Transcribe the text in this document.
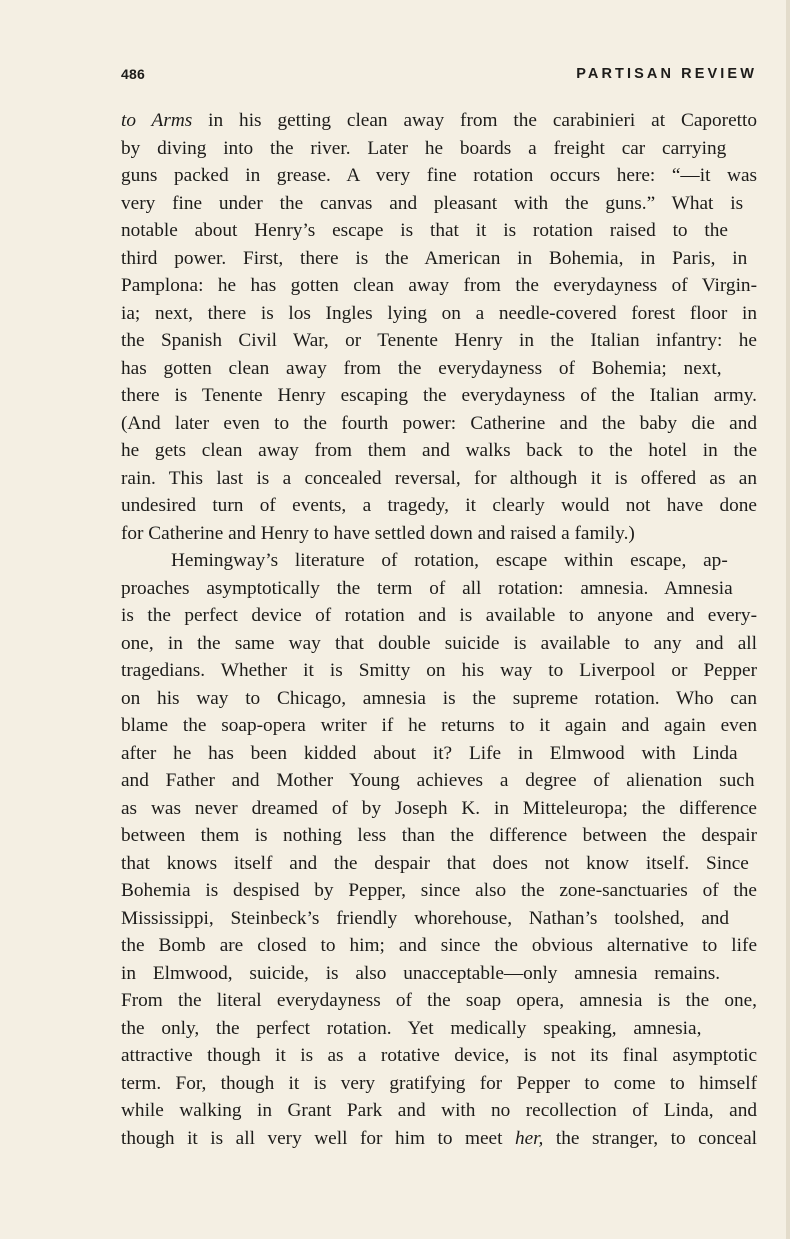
486	PARTISAN REVIEW
to Arms in his getting clean away from the carabinieri at Caporetto
by diving into the river. Later he boards a freight car carrying
guns packed in grease. A very fine rotation occurs here: “—it was
very fine under the canvas and pleasant with the guns.” What is
notable about Henry’s escape is that it is rotation raised to the
third power. First, there is the American in Bohemia, in Paris, in
Pamplona: he has gotten clean away from the everydayness of Virgin-
ia; next, there is los Ingles lying on a needle-covered forest floor in
the Spanish Civil War, or Tenente Henry in the Italian infantry: he
has gotten clean away from the everydayness of Bohemia; next,
there is Tenente Henry escaping the everydayness of the Italian army.
(And later even to the fourth power: Catherine and the baby die and
he gets clean away from them and walks back to the hotel in the
rain. This last is a concealed reversal, for although it is offered as an
undesired turn of events, a tragedy, it clearly would not have done
for Catherine and Henry to have settled down and raised a family.)
Hemingway’s literature of rotation, escape within escape, ap-
proaches asymptotically the term of all rotation: amnesia. Amnesia
is the perfect device of rotation and is available to anyone and every-
one, in the same way that double suicide is available to any and all
tragedians. Whether it is Smitty on his way to Liverpool or Pepper
on his way to Chicago, amnesia is the supreme rotation. Who can
blame the soap-opera writer if he returns to it again and again even
after he has been kidded about it? Life in Elmwood with Linda
and Father and Mother Young achieves a degree of alienation such
as was never dreamed of by Joseph K. in Mitteleuropa; the difference
between them is nothing less than the difference between the despair
that knows itself and the despair that does not know itself. Since
Bohemia is despised by Pepper, since also the zone-sanctuaries of the
Mississippi, Steinbeck’s friendly whorehouse, Nathan’s toolshed, and
the Bomb are closed to him; and since the obvious alternative to life
in Elmwood, suicide, is also unacceptable—only amnesia remains.
From the literal everydayness of the soap opera, amnesia is the one,
the only, the perfect rotation. Yet medically speaking, amnesia,
attractive though it is as a rotative device, is not its final asymptotic
term. For, though it is very gratifying for Pepper to come to himself
while walking in Grant Park and with no recollection of Linda, and
though it is all very well for him to meet her, the stranger, to conceal
